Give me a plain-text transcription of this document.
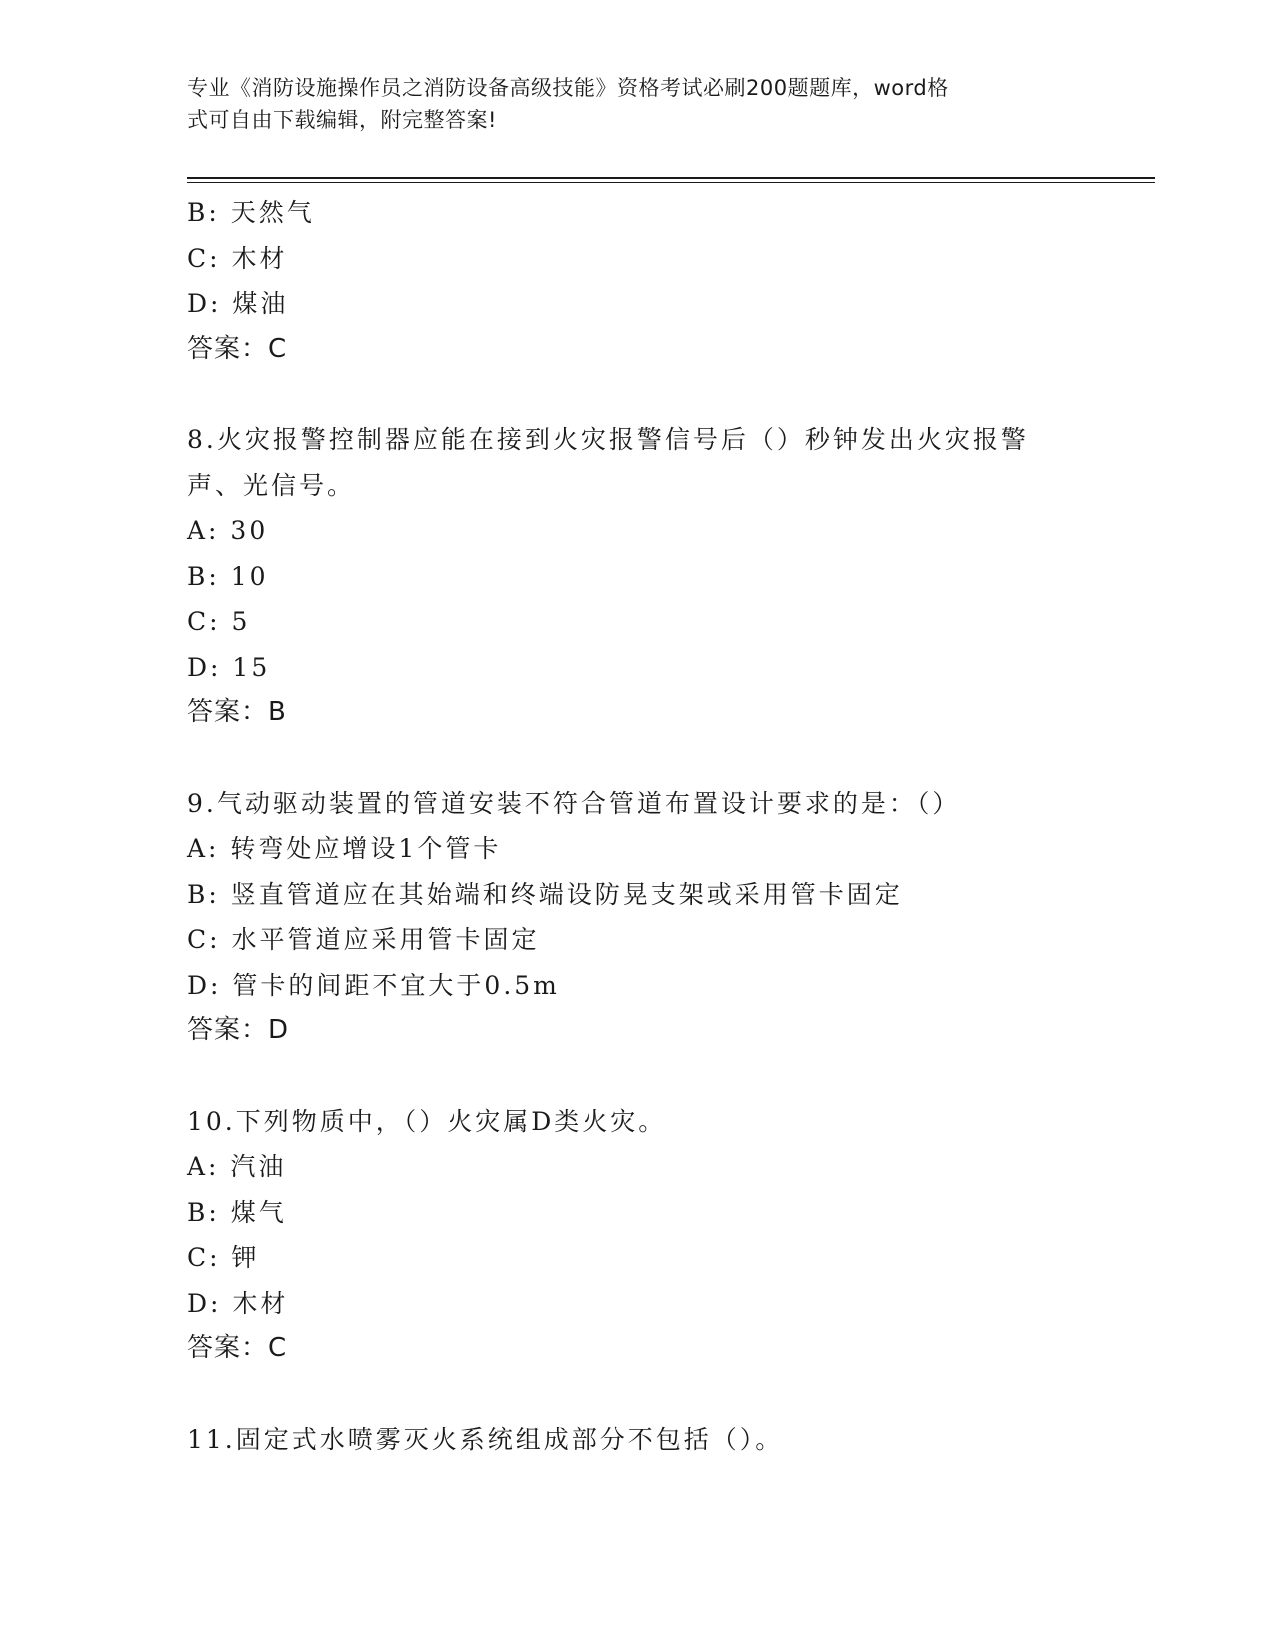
专业《消防设施操作员之消防设备高级技能》资格考试必刷200题题库，word格
式可自由下载编辑，附完整答案!
B: 天然气
C: 木材
D: 煤油
答案：C
8.火灾报警控制器应能在接到火灾报警信号后（）秒钟发出火灾报警
声、光信号。
A: 30
B: 10
C: 5
D: 15
答案：B
9.气动驱动装置的管道安装不符合管道布置设计要求的是：（）
A: 转弯处应增设1个管卡
B: 竖直管道应在其始端和终端设防晃支架或采用管卡固定
C: 水平管道应采用管卡固定
D: 管卡的间距不宜大于0.5m
答案：D
10.下列物质中，（）火灾属D类火灾。
A: 汽油
B: 煤气
C: 钾
D: 木材
答案：C
11.固定式水喷雾灭火系统组成部分不包括（）。
